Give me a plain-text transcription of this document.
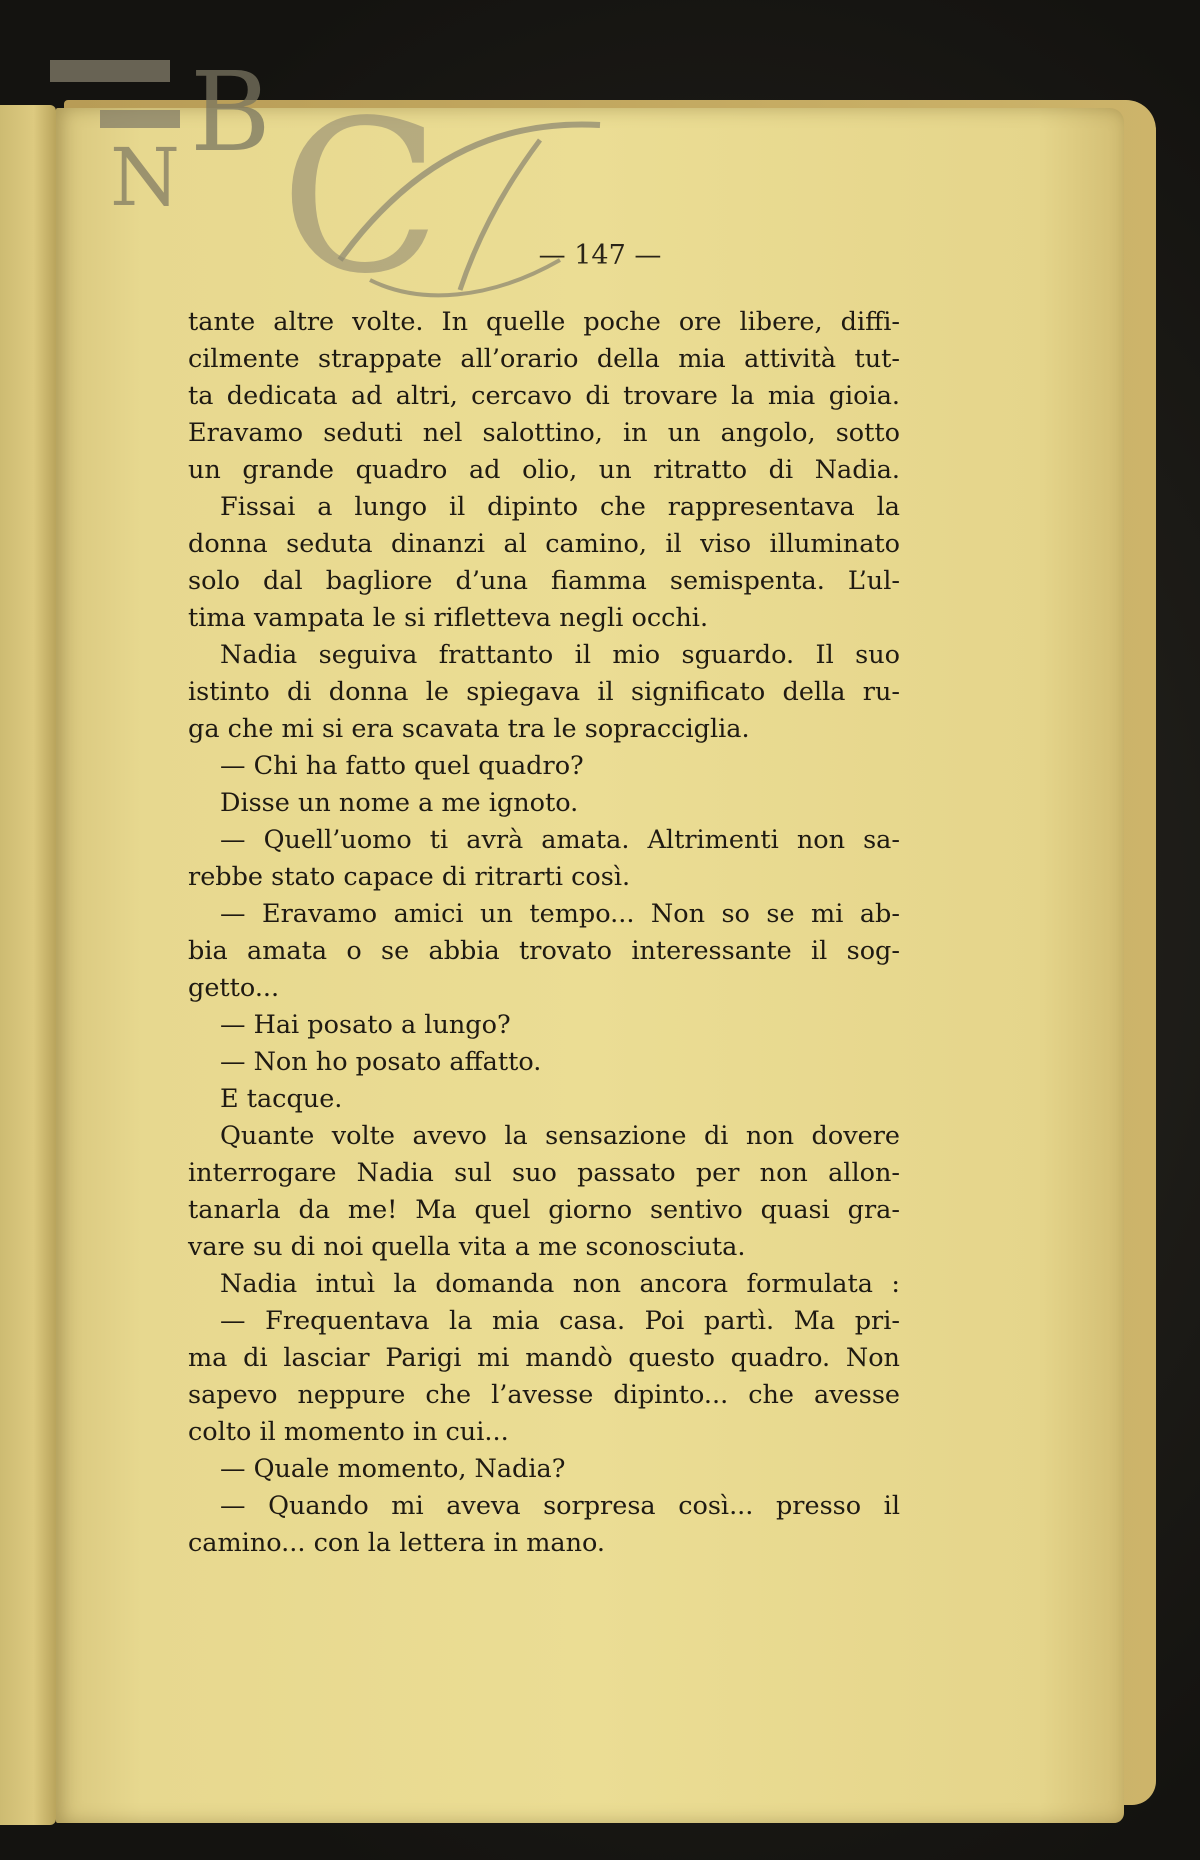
B
N C	— 147 —
tante altre volte. In quelle poche ore libere, diffi-
cilmente strappate all’orario della mia attività tut-
ta dedicata ad altri, cercavo di trovare la mia gioia.
Eravamo seduti nel salottino, in un angolo, sotto
un grande quadro ad olio, un ritratto di Nadia.
Fissai a lungo il dipinto che rappresentava la
donna seduta dinanzi al camino, il viso illuminato
solo dal bagliore d’una fiamma semispenta. L’ul-
tima vampata le si rifletteva negli occhi.
Nadia seguiva frattanto il mio sguardo. Il suo
istinto di donna le spiegava il significato della ru-
ga che mi si era scavata tra le sopracciglia.
— Chi ha fatto quel quadro?
Disse un nome a me ignoto.
— Quell’uomo ti avrà amata. Altrimenti non sa-
rebbe stato capace di ritrarti così.
— Eravamo amici un tempo... Non so se mi ab-
bia amata o se abbia trovato interessante il sog-
getto...
— Hai posato a lungo?
— Non ho posato affatto.
E tacque.
Quante volte avevo la sensazione di non dovere
interrogare Nadia sul suo passato per non allon-
tanarla da me! Ma quel giorno sentivo quasi gra-
vare su di noi quella vita a me sconosciuta.
Nadia intuì la domanda non ancora formulata :
— Frequentava la mia casa. Poi partì. Ma pri-
ma di lasciar Parigi mi mandò questo quadro. Non
sapevo neppure che l’avesse dipinto... che avesse
colto il momento in cui...
— Quale momento, Nadia?
— Quando mi aveva sorpresa così... presso il
camino... con la lettera in mano.
